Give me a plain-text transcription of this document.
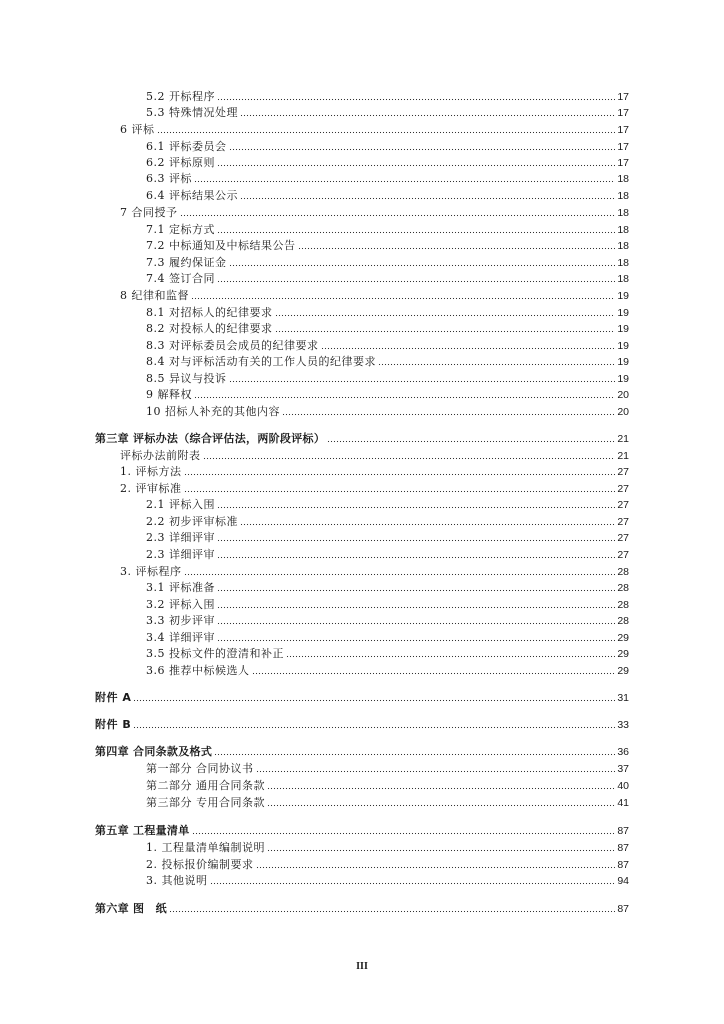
5.2 开标程序	17
5.3 特殊情况处理	17
6 评标	17
6.1 评标委员会	17
6.2 评标原则	17
6.3 评标	18
6.4 评标结果公示	18
7 合同授予	18
7.1 定标方式	18
7.2 中标通知及中标结果公告	18
7.3 履约保证金	18
7.4 签订合同	18
8 纪律和监督	19
8.1 对招标人的纪律要求	19
8.2 对投标人的纪律要求	19
8.3 对评标委员会成员的纪律要求	19
8.4 对与评标活动有关的工作人员的纪律要求	19
8.5 异议与投诉	19
9 解释权	20
10 招标人补充的其他内容	20
第三章 评标办法（综合评估法，两阶段评标）	21
评标办法前附表	21
1. 评标方法	27
2. 评审标准	27
2.1 评标入围	27
2.2 初步评审标准	27
2.3 详细评审	27
2.3 详细评审	27
3. 评标程序	28
3.1 评标准备	28
3.2 评标入围	28
3.3 初步评审	28
3.4 详细评审	29
3.5 投标文件的澄清和补正	29
3.6 推荐中标候选人	29
附件 A	31
附件 B	33
第四章 合同条款及格式	36
第一部分 合同协议书	37
第二部分 通用合同条款	40
第三部分 专用合同条款	41
第五章 工程量清单	87
1. 工程量清单编制说明	87
2. 投标报价编制要求	87
3. 其他说明	94
第六章 图　纸	87
III
